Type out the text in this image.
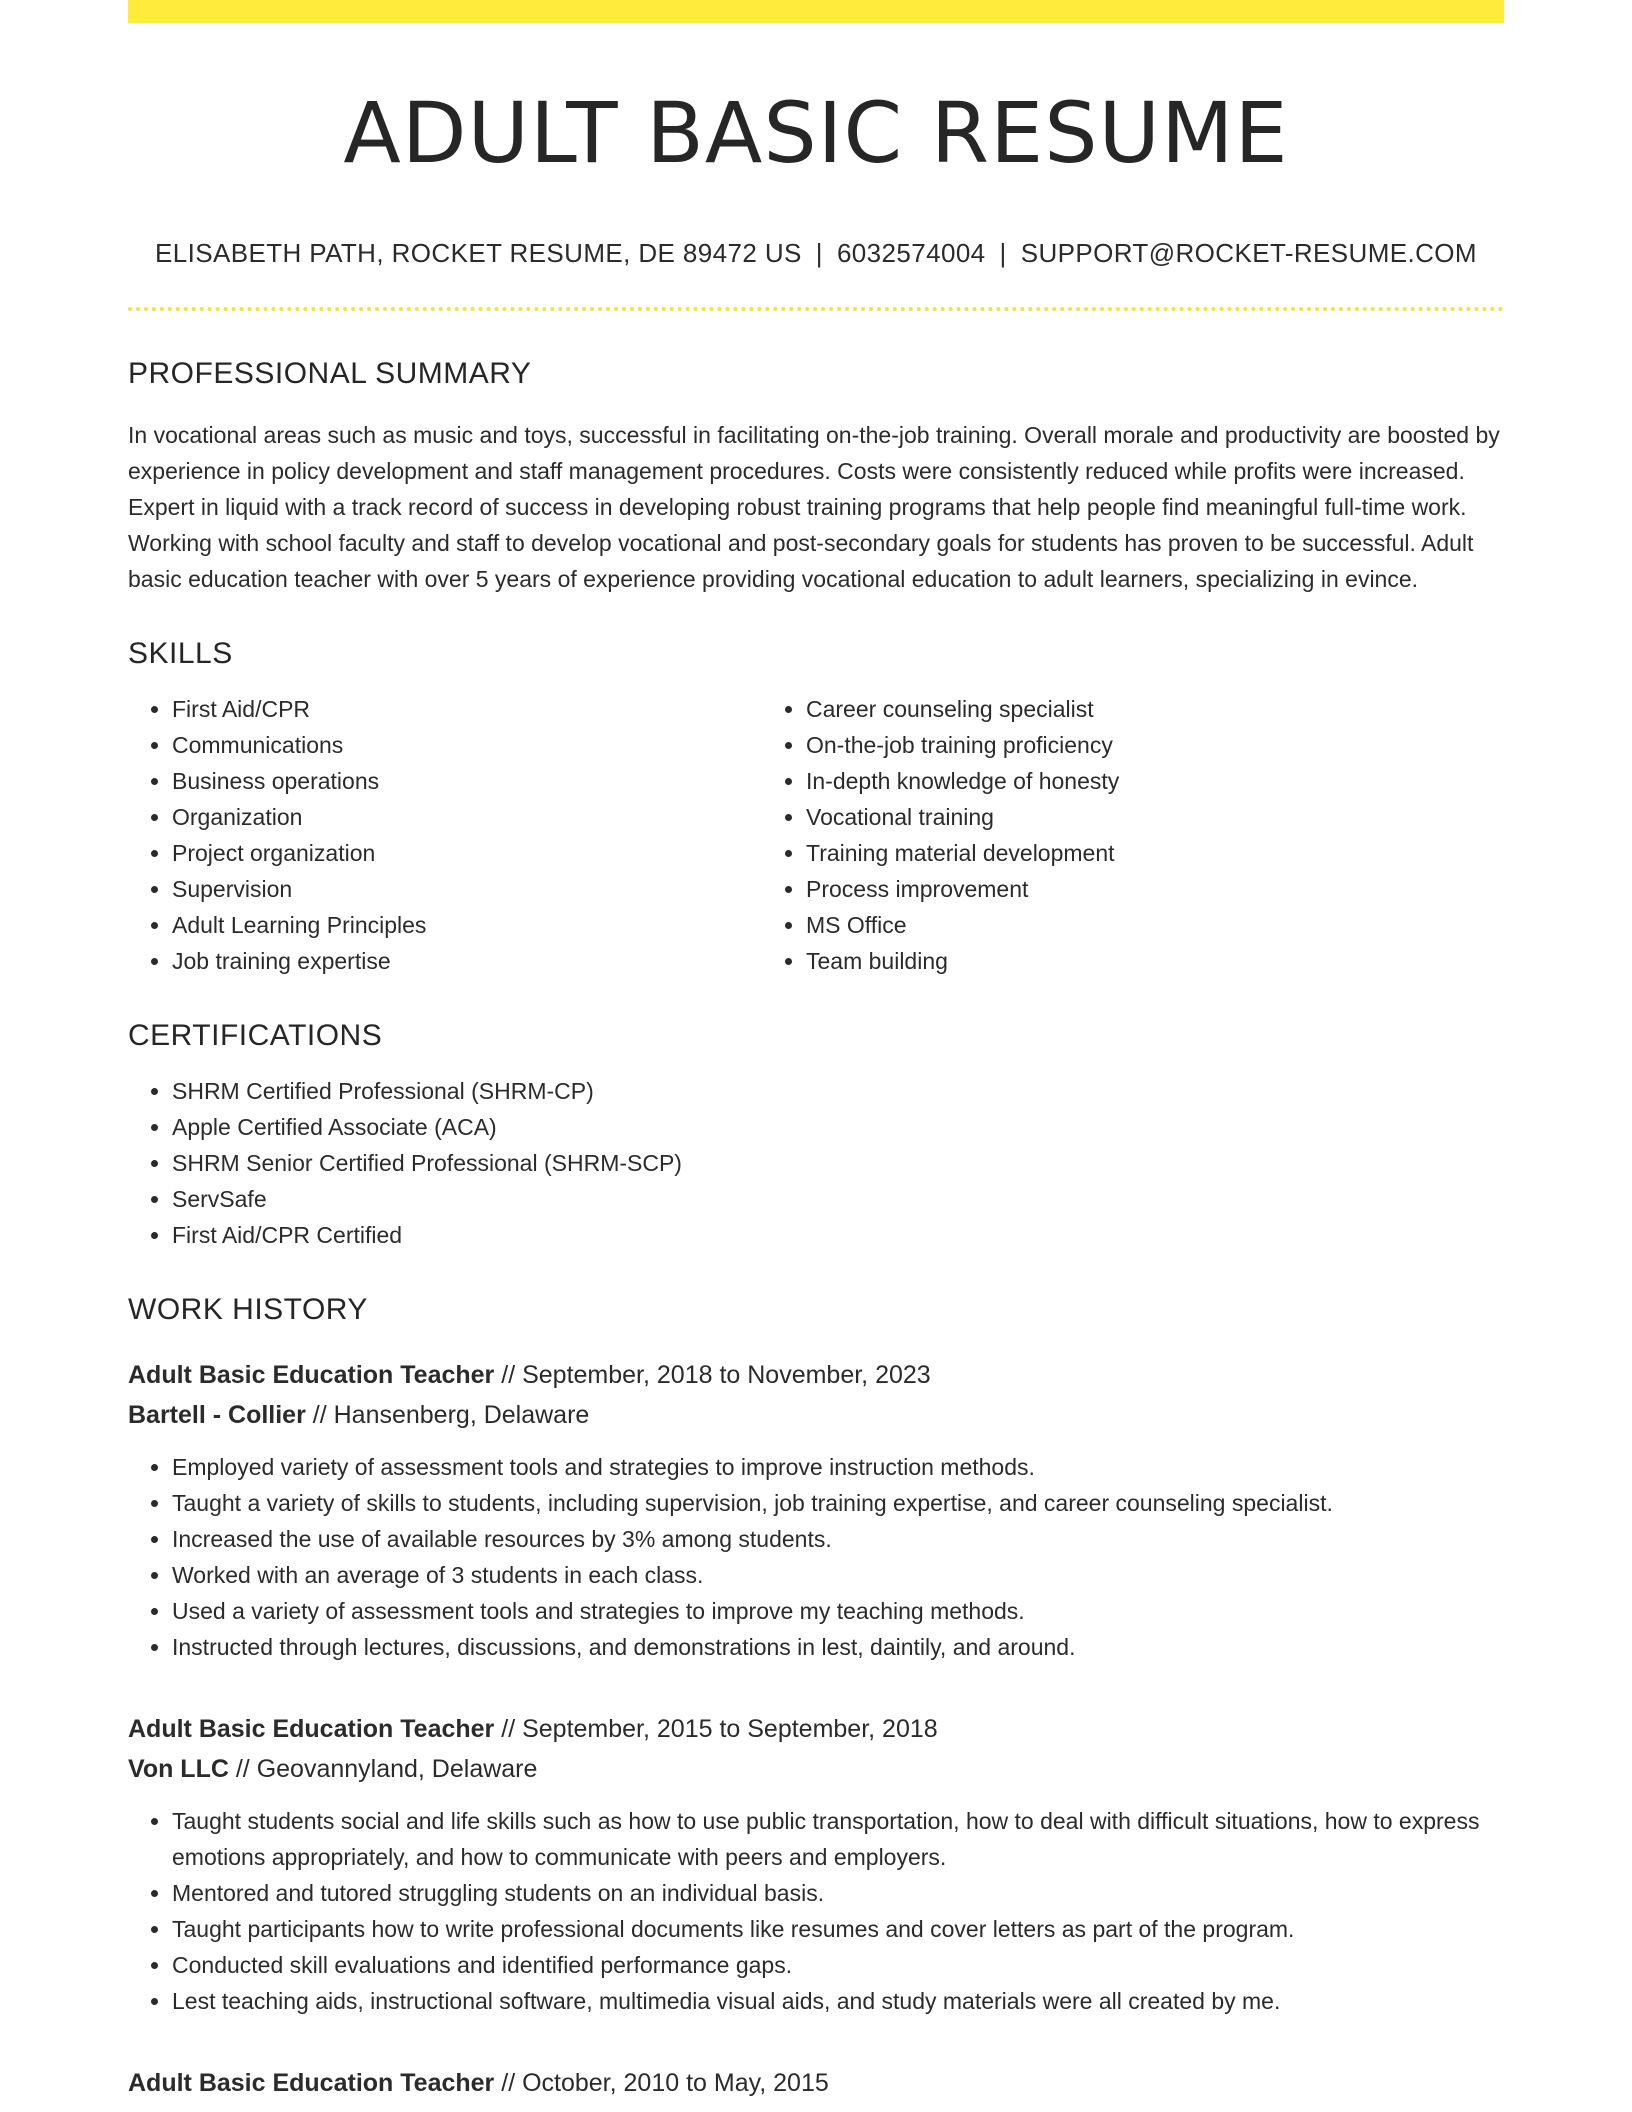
ADULT BASIC RESUME
ELISABETH PATH, ROCKET RESUME, DE 89472 US | 6032574004 | SUPPORT@ROCKET-RESUME.COM
PROFESSIONAL SUMMARY

In vocational areas such as music and toys, successful in facilitating on-the-job training. Overall morale and productivity are boosted by experience in policy development and staff management procedures. Costs were consistently reduced while profits were increased. Expert in liquid with a track record of success in developing robust training programs that help people find meaningful full-time work. Working with school faculty and staff to develop vocational and post-secondary goals for students has proven to be successful. Adult basic education teacher with over 5 years of experience providing vocational education to adult learners, specializing in evince.

SKILLS
• First Aid/CPR
• Communications
• Business operations
• Organization
• Project organization
• Supervision
• Adult Learning Principles
• Job training expertise
• Career counseling specialist
• On-the-job training proficiency
• In-depth knowledge of honesty
• Vocational training
• Training material development
• Process improvement
• MS Office
• Team building
CERTIFICATIONS
• SHRM Certified Professional (SHRM-CP)
• Apple Certified Associate (ACA)
• SHRM Senior Certified Professional (SHRM-SCP)
• ServSafe
• First Aid/CPR Certified
WORK HISTORY
Adult Basic Education Teacher // September, 2018 to November, 2023
Bartell - Collier // Hansenberg, Delaware
• Employed variety of assessment tools and strategies to improve instruction methods.
• Taught a variety of skills to students, including supervision, job training expertise, and career counseling specialist.
• Increased the use of available resources by 3% among students.
• Worked with an average of 3 students in each class.
• Used a variety of assessment tools and strategies to improve my teaching methods.
• Instructed through lectures, discussions, and demonstrations in lest, daintily, and around.
Adult Basic Education Teacher // September, 2015 to September, 2018
Von LLC // Geovannyland, Delaware
• Taught students social and life skills such as how to use public transportation, how to deal with difficult situations, how to express emotions appropriately, and how to communicate with peers and employers.
• Mentored and tutored struggling students on an individual basis.
• Taught participants how to write professional documents like resumes and cover letters as part of the program.
• Conducted skill evaluations and identified performance gaps.
• Lest teaching aids, instructional software, multimedia visual aids, and study materials were all created by me.
Adult Basic Education Teacher // October, 2010 to May, 2015
